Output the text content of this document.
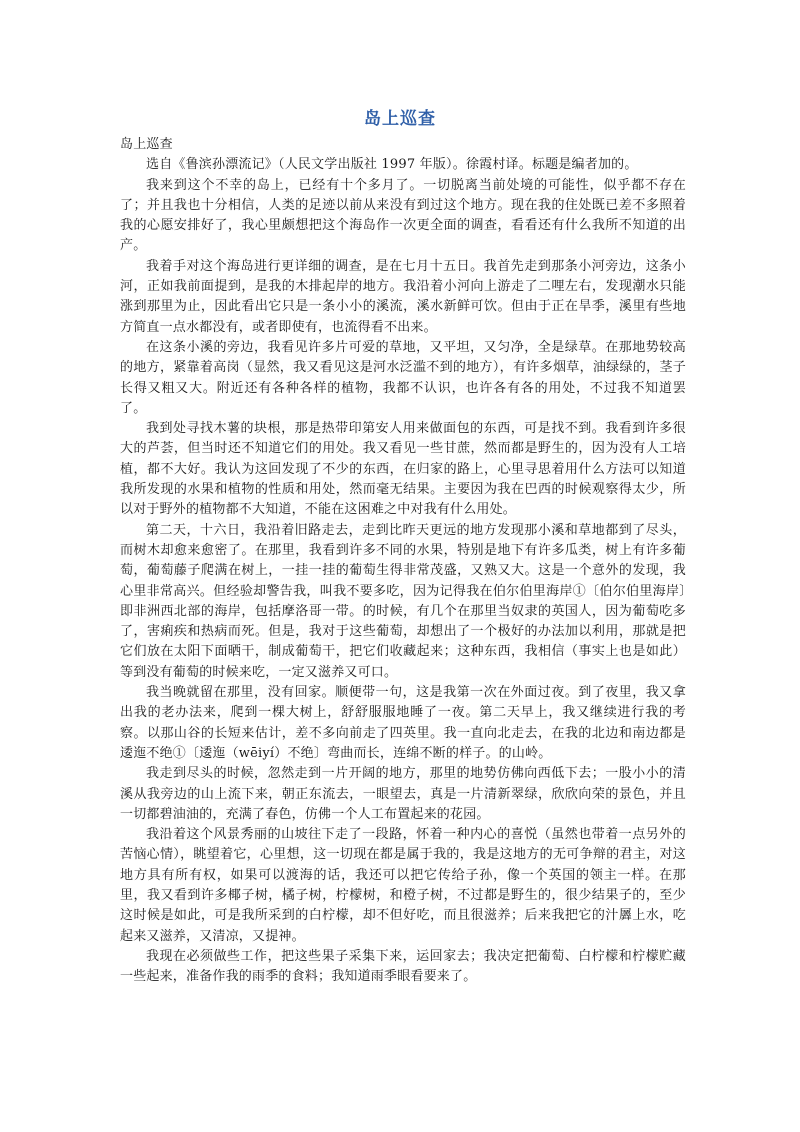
岛上巡查

岛上巡查

选自《鲁滨孙漂流记》（人民文学出版社 1997 年版）。徐霞村译。标题是编者加的。

我来到这个不幸的岛上，已经有十个多月了。一切脱离当前处境的可能性，似乎都不存在了；并且我也十分相信，人类的足迹以前从来没有到过这个地方。现在我的住处既已差不多照着我的心愿安排好了，我心里颇想把这个海岛作一次更全面的调查，看看还有什么我所不知道的出产。

我着手对这个海岛进行更详细的调查，是在七月十五日。我首先走到那条小河旁边，这条小河，正如我前面提到，是我的木排起岸的地方。我沿着小河向上游走了二哩左右，发现潮水只能涨到那里为止，因此看出它只是一条小小的溪流，溪水新鲜可饮。但由于正在旱季，溪里有些地方简直一点水都没有，或者即使有，也流得看不出来。

在这条小溪的旁边，我看见许多片可爱的草地，又平坦，又匀净，全是绿草。在那地势较高的地方，紧靠着高岗（显然，我又看见这是河水泛滥不到的地方），有许多烟草，油绿绿的，茎子长得又粗又大。附近还有各种各样的植物，我都不认识，也许各有各的用处，不过我不知道罢了。

我到处寻找木薯的块根，那是热带印第安人用来做面包的东西，可是找不到。我看到许多很大的芦荟，但当时还不知道它们的用处。我又看见一些甘蔗，然而都是野生的，因为没有人工培植，都不大好。我认为这回发现了不少的东西，在归家的路上，心里寻思着用什么方法可以知道我所发现的水果和植物的性质和用处，然而毫无结果。主要因为我在巴西的时候观察得太少，所以对于野外的植物都不大知道，不能在这困难之中对我有什么用处。

第二天，十六日，我沿着旧路走去，走到比昨天更远的地方发现那小溪和草地都到了尽头，而树木却愈来愈密了。在那里，我看到许多不同的水果，特别是地下有许多瓜类，树上有许多葡萄，葡萄藤子爬满在树上，一挂一挂的葡萄生得非常茂盛，又熟又大。这是一个意外的发现，我心里非常高兴。但经验却警告我，叫我不要多吃，因为记得我在伯尔伯里海岸①〔伯尔伯里海岸〕即非洲西北部的海岸，包括摩洛哥一带。的时候，有几个在那里当奴隶的英国人，因为葡萄吃多了，害痢疾和热病而死。但是，我对于这些葡萄，却想出了一个极好的办法加以利用，那就是把它们放在太阳下面晒干，制成葡萄干，把它们收藏起来；这种东西，我相信（事实上也是如此）等到没有葡萄的时候来吃，一定又滋养又可口。

我当晚就留在那里，没有回家。顺便带一句，这是我第一次在外面过夜。到了夜里，我又拿出我的老办法来，爬到一棵大树上，舒舒服服地睡了一夜。第二天早上，我又继续进行我的考察。以那山谷的长短来估计，差不多向前走了四英里。我一直向北走去，在我的北边和南边都是逶迤不绝①〔逶迤（wēiyí）不绝〕弯曲而长，连绵不断的样子。的山岭。

我走到尽头的时候，忽然走到一片开阔的地方，那里的地势仿佛向西低下去；一股小小的清溪从我旁边的山上流下来，朝正东流去，一眼望去，真是一片清新翠绿，欣欣向荣的景色，并且一切都碧油油的，充满了春色，仿佛一个人工布置起来的花园。

我沿着这个风景秀丽的山坡往下走了一段路，怀着一种内心的喜悦（虽然也带着一点另外的苦恼心情），眺望着它，心里想，这一切现在都是属于我的，我是这地方的无可争辩的君主，对这地方具有所有权，如果可以渡海的话，我还可以把它传给子孙，像一个英国的领主一样。在那里，我又看到许多椰子树，橘子树，柠檬树，和橙子树，不过都是野生的，很少结果子的，至少这时候是如此，可是我所采到的白柠檬，却不但好吃，而且很滋养；后来我把它的汁羼上水，吃起来又滋养，又清凉，又提神。

我现在必须做些工作，把这些果子采集下来，运回家去；我决定把葡萄、白柠檬和柠檬贮藏一些起来，准备作我的雨季的食料；我知道雨季眼看要来了。
